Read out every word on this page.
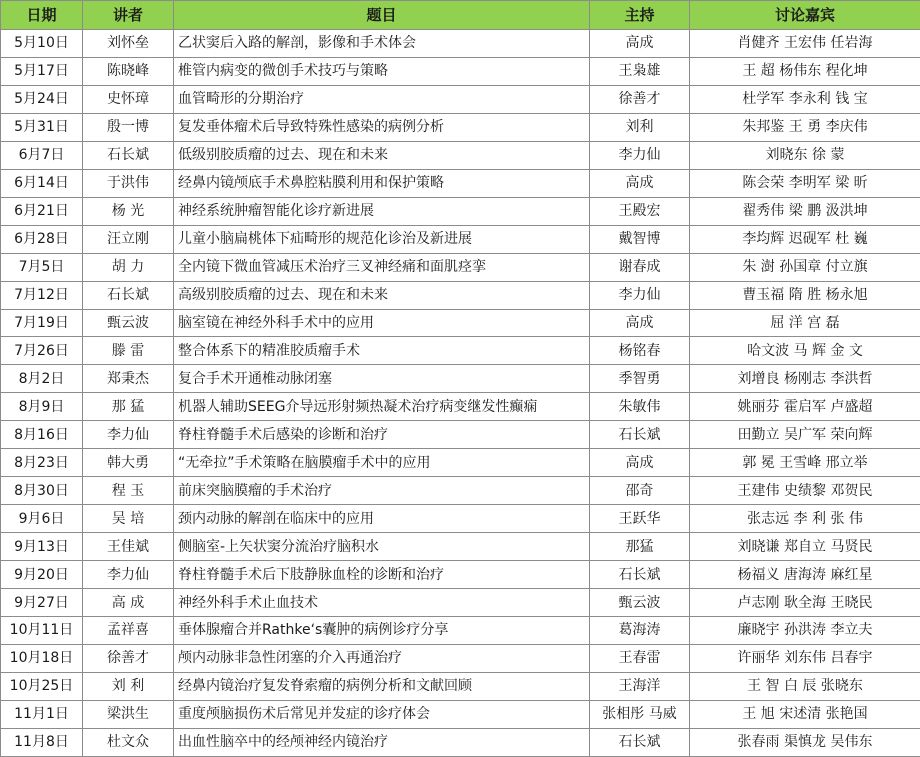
日期	讲者	题目	主持	讨论嘉宾
5月10日	刘怀垒	乙状窦后入路的解剖，影像和手术体会	高成	肖健齐 王宏伟 任岩海
5月17日	陈晓峰	椎管内病变的微创手术技巧与策略	王枭雄	王 超 杨伟东 程化坤
5月24日	史怀璋	血管畸形的分期治疗	徐善才	杜学军 李永利 钱 宝
5月31日	殷一博	复发垂体瘤术后导致特殊性感染的病例分析	刘利	朱邦鉴 王 勇 李庆伟
6月7日	石长斌	低级别胶质瘤的过去、现在和未来	李力仙	刘晓东 徐 蒙
6月14日	于洪伟	经鼻内镜颅底手术鼻腔粘膜利用和保护策略	高成	陈会荣 李明军 梁 昕
6月21日	杨 光	神经系统肿瘤智能化诊疗新进展	王殿宏	翟秀伟 梁 鹏 汲洪坤
6月28日	汪立刚	儿童小脑扁桃体下疝畸形的规范化诊治及新进展	戴智博	李均辉 迟砚军 杜 巍
7月5日	胡 力	全内镜下微血管减压术治疗三叉神经痛和面肌痉挛	谢春成	朱 澍 孙国章 付立旗
7月12日	石长斌	高级别胶质瘤的过去、现在和未来	李力仙	曹玉福 隋 胜 杨永旭
7月19日	甄云波	脑室镜在神经外科手术中的应用	高成	屈 洋 宫 磊
7月26日	滕 雷	整合体系下的精准胶质瘤手术	杨铭春	哈文波 马 辉 金 文
8月2日	郑秉杰	复合手术开通椎动脉闭塞	季智勇	刘增良 杨刚志 李洪哲
8月9日	那 猛	机器人辅助SEEG介导远形射频热凝术治疗病变继发性癫痫	朱敏伟	姚丽芬 霍启军 卢盛超
8月16日	李力仙	脊柱脊髓手术后感染的诊断和治疗	石长斌	田勤立 吴广军 荣向辉
8月23日	韩大勇	“无牵拉”手术策略在脑膜瘤手术中的应用	高成	郭 冕 王雪峰 邢立举
8月30日	程 玉	前床突脑膜瘤的手术治疗	邵奇	王建伟 史绩黎 邓贺民
9月6日	吴 培	颈内动脉的解剖在临床中的应用	王跃华	张志远 李 利 张 伟
9月13日	王佳斌	侧脑室-上矢状窦分流治疗脑积水	那猛	刘晓谦 郑自立 马贤民
9月20日	李力仙	脊柱脊髓手术后下肢静脉血栓的诊断和治疗	石长斌	杨福义 唐海涛 麻红星
9月27日	高 成	神经外科手术止血技术	甄云波	卢志刚 耿全海 王晓民
10月11日	孟祥喜	垂体腺瘤合并Rathke‘s囊肿的病例诊疗分享	葛海涛	廉晓宇 孙洪涛 李立夫
10月18日	徐善才	颅内动脉非急性闭塞的介入再通治疗	王春雷	许丽华 刘东伟 吕春宇
10月25日	刘 利	经鼻内镜治疗复发脊索瘤的病例分析和文献回顾	王海洋	王 智 白 辰 张晓东
11月1日	梁洪生	重度颅脑损伤术后常见并发症的诊疗体会	张相彤 马威	王 旭 宋述清 张艳国
11月8日	杜文众	出血性脑卒中的经颅神经内镜治疗	石长斌	张春雨 渠慎龙 吴伟东
